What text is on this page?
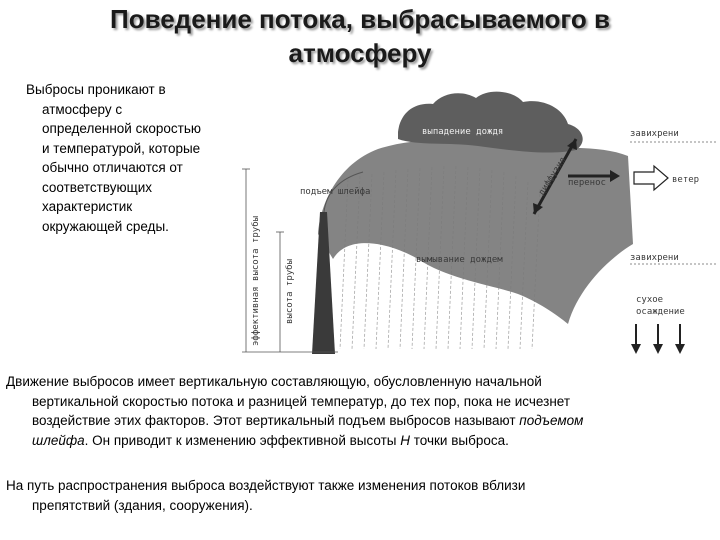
Поведение потока, выбрасываемого в
атмосферу
Выбросы проникают в
атмосферу с
определенной скоростью
и температурой, которые
обычно отличаются от
соответствующих
характеристик
окружающей среды.	эффективная высота трубы	высота трубы
подъем шлейфа
выпадение дождя
вымывание дождем
диффузия перенос	ветер
завихрени
завихрени
сухое
осаждение
Движение выбросов имеет вертикальную составляющую, обусловленную начальной
вертикальной скоростью потока и разницей температур, до тех пор, пока не исчезнет
воздействие этих факторов. Этот вертикальный подъем выбросов называют подъемом
шлейфа. Он приводит к изменению эффективной высоты H точки выброса.
На путь распространения выброса воздействуют также изменения потоков вблизи
препятствий (здания, сооружения).
